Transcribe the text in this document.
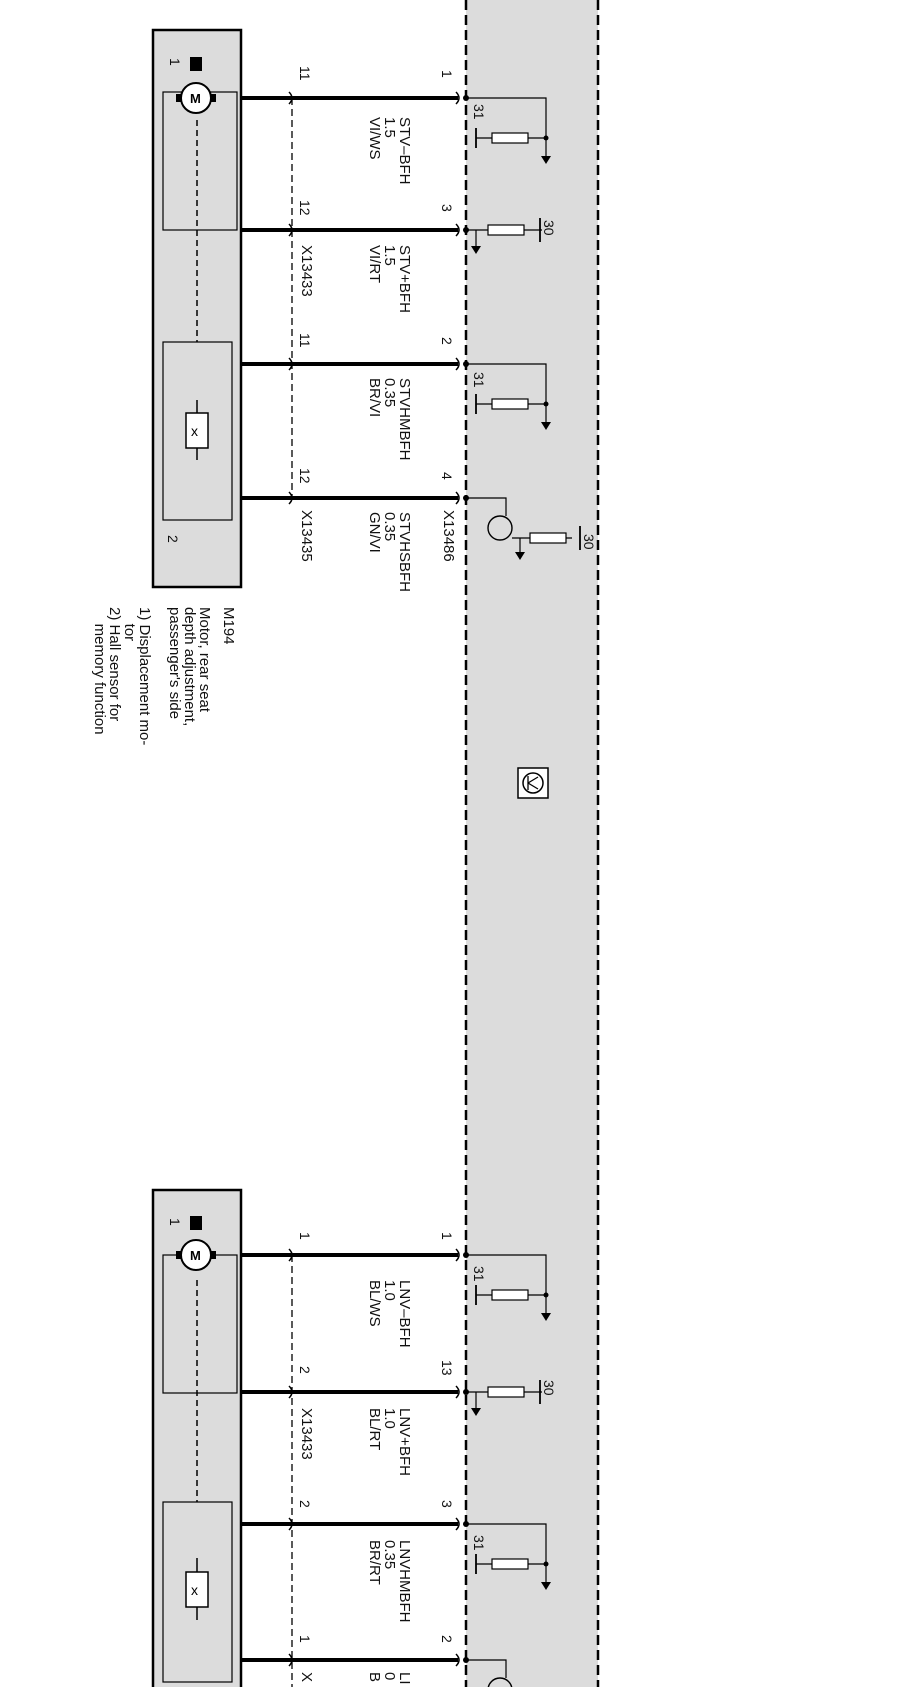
M
x
M
x
M194
Motor, rear seat
depth adjustment,
passenger's side
1) Displacement mo-
tor
2) Hall sensor for
memory function
1
2
1
X13433
X13435	X13486
X13433
X
STV–BFH
1.5
VI/WS
STV+BFH
1.5
VI/RT
STVHMBFH
0.35
BR/VI
STVHSBFH
0.35
GN/VI
LNV–BFH
1.0
BL/WS
LNV+BFH
1.0
BL/RT
LNVHMBFH
0.35
BR/RT
LI
0
B
11
12
11
12
1
2
2
1
1
3
2
4
1
13
3
2
31
30
31
30
31
30
31
